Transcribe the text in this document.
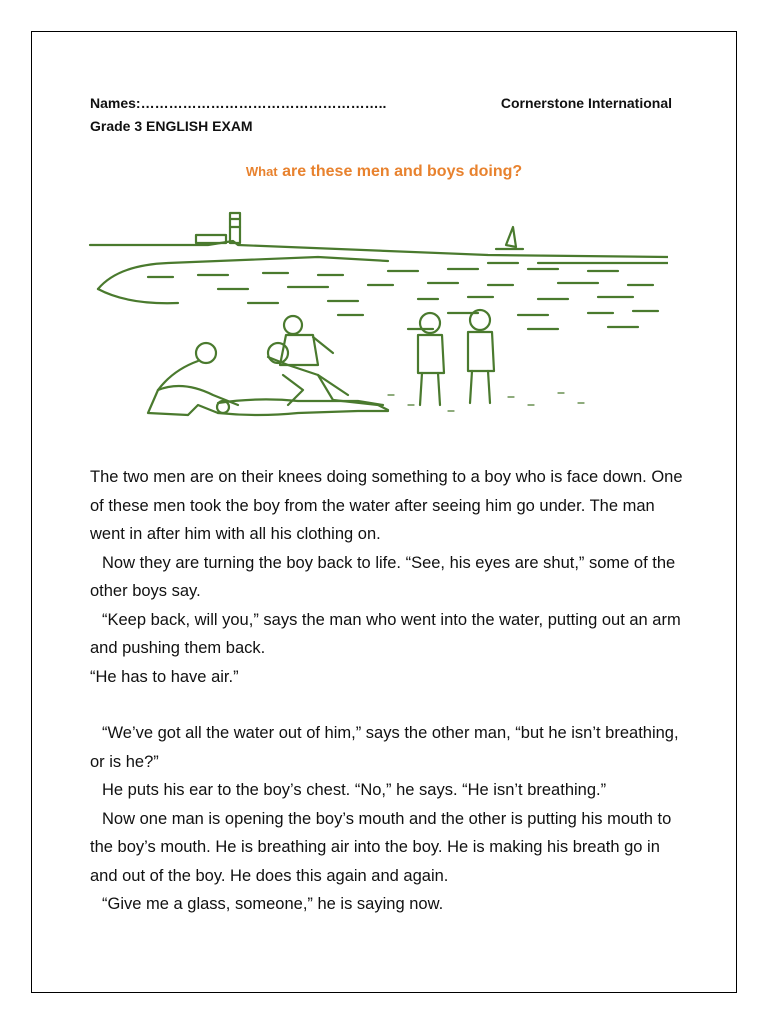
Names:……………………………………………..	Cornerstone International
Grade 3 ENGLISH EXAM
What are these men and boys doing?

The two men are on their knees doing something to a boy who is face down. One of these men took the boy from the water after seeing him go under. The man went in after him with all his clothing on.

Now they are turning the boy back to life. “See, his eyes are shut,” some of the other boys say.

“Keep back, will you,” says the man who went into the water, putting out an arm and pushing them back.

“He has to have air.”

“We’ve got all the water out of him,” says the other man, “but he isn’t breathing, or is he?”

He puts his ear to the boy’s chest. “No,” he says. “He isn’t breathing.”

Now one man is opening the boy’s mouth and the other is putting his mouth to the boy’s mouth. He is breathing air into the boy. He is making his breath go in and out of the boy. He does this again and again.

“Give me a glass, someone,” he is saying now.
